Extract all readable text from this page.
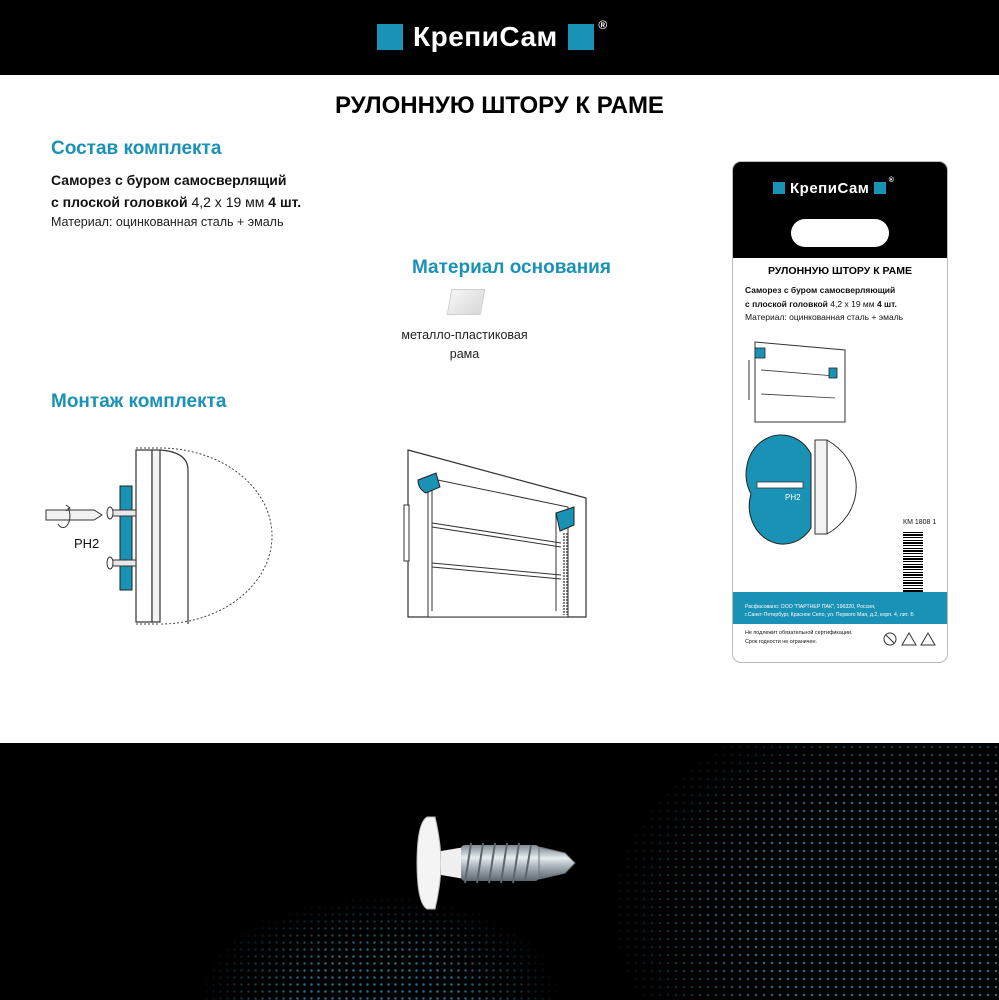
КрепиСам	®
РУЛОННУЮ ШТОРУ К РАМЕ
Состав комплекта
Саморез с буром самосверлящий
с плоской головкой 4,2 х 19 мм 4 шт.
Материал: оцинкованная сталь + эмаль
Материал основания
металло-пластиковая
рама
Монтаж комплекта
PH2
КрепиСам	®
РУЛОННУЮ ШТОРУ К РАМЕ
Саморез с буром самосверляющий
с плоской головкой 4,2 х 19 мм 4 шт.
Материал: оцинкованная сталь + эмаль
PH2
КМ 1808 1
Расфасовано: ООО "ПАРТНЕР ПАК", 196320, Россия,
г.Санкт-Петербург, Красное Село, ул. Первого Мая, д.2, корп. 4, лит. Б
Не подлежит обязательной сертификации.
Срок годности не ограничен.
